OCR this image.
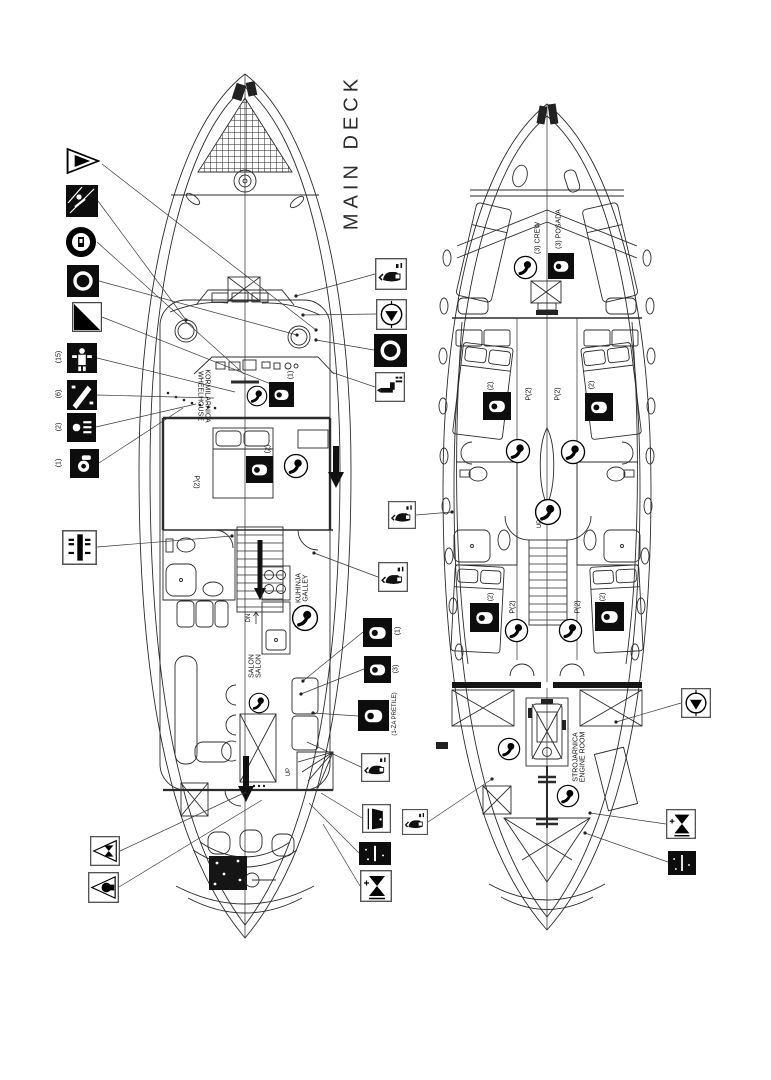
MAIN DECK
KORMILARNICA
WHEELHOUSE
P(2)
(2)
(1)
KUHINJA GALLEY
SALON SALON
DN
UP
(3) CREW (3) POSADA
P(2)	P(2)
(2)	(2)
P(2)	P(2)
(2)	(2)
UP
STROJARNICA ENGINE ROOM
(15)
(6)
(2)
(1)
(1)
(3)
(1-ZA PRETILE)
